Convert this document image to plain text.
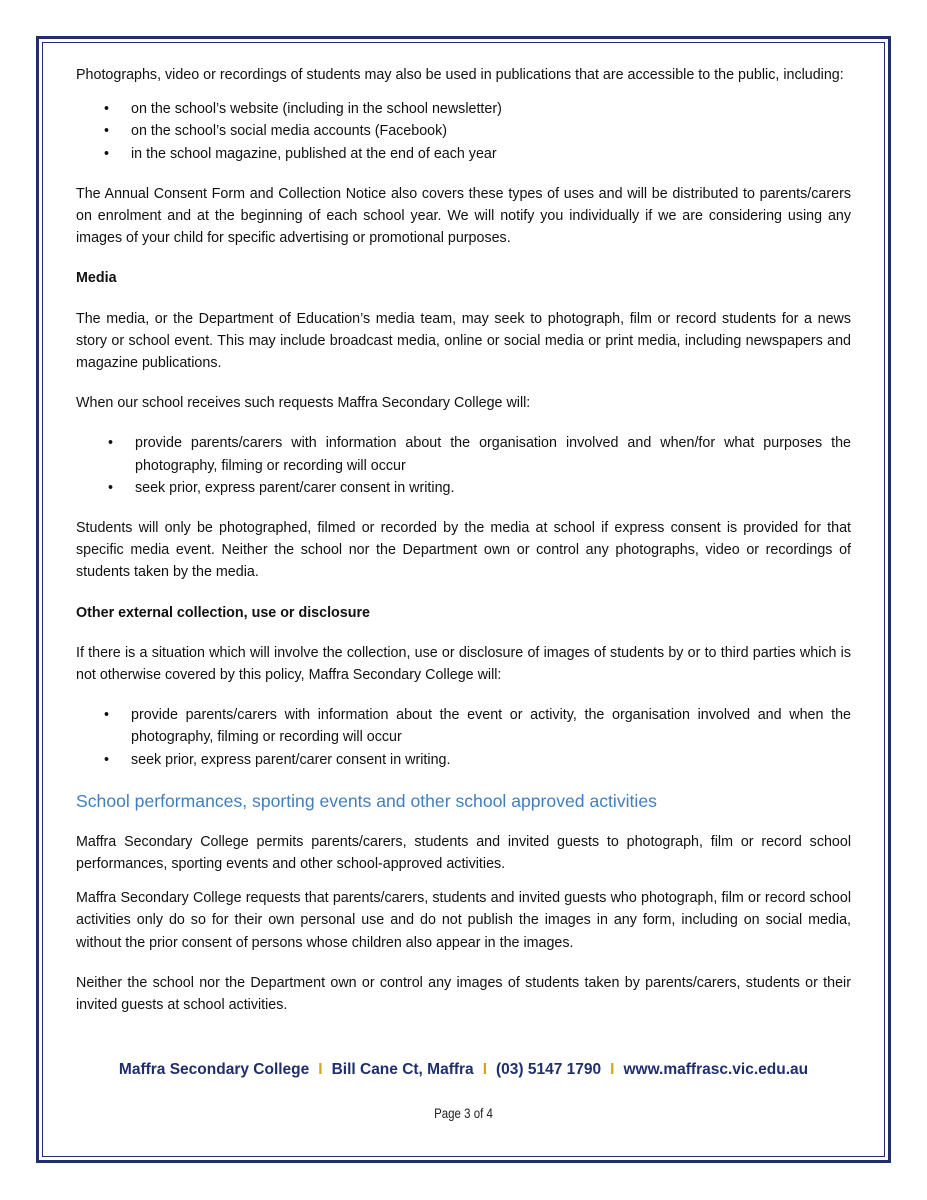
Photographs, video or recordings of students may also be used in publications that are accessible to the public, including:

• on the school’s website (including in the school newsletter)
• on the school’s social media accounts (Facebook)
• in the school magazine, published at the end of each year

The Annual Consent Form and Collection Notice also covers these types of uses and will be distributed to parents/carers on enrolment and at the beginning of each school year. We will notify you individually if we are considering using any images of your child for specific advertising or promotional purposes.

Media

The media, or the Department of Education’s media team, may seek to photograph, film or record students for a news story or school event. This may include broadcast media, online or social media or print media, including newspapers and magazine publications.

When our school receives such requests Maffra Secondary College will:

• provide parents/carers with information about the organisation involved and when/for what purposes the photography, filming or recording will occur
• seek prior, express parent/carer consent in writing.

Students will only be photographed, filmed or recorded by the media at school if express consent is provided for that specific media event. Neither the school nor the Department own or control any photographs, video or recordings of students taken by the media.

Other external collection, use or disclosure

If there is a situation which will involve the collection, use or disclosure of images of students by or to third parties which is not otherwise covered by this policy, Maffra Secondary College will:

• provide parents/carers with information about the event or activity, the organisation involved and when the photography, filming or recording will occur
• seek prior, express parent/carer consent in writing.

School performances, sporting events and other school approved activities

Maffra Secondary College permits parents/carers, students and invited guests to photograph, film or record school performances, sporting events and other school-approved activities.

Maffra Secondary College requests that parents/carers, students and invited guests who photograph, film or record school activities only do so for their own personal use and do not publish the images in any form, including on social media, without the prior consent of persons whose children also appear in the images.

Neither the school nor the Department own or control any images of students taken by parents/carers, students or their invited guests at school activities.

Maffra Secondary College I Bill Cane Ct, Maffra I (03) 5147 1790 I www.maffrasc.vic.edu.au
Page 3 of 4
